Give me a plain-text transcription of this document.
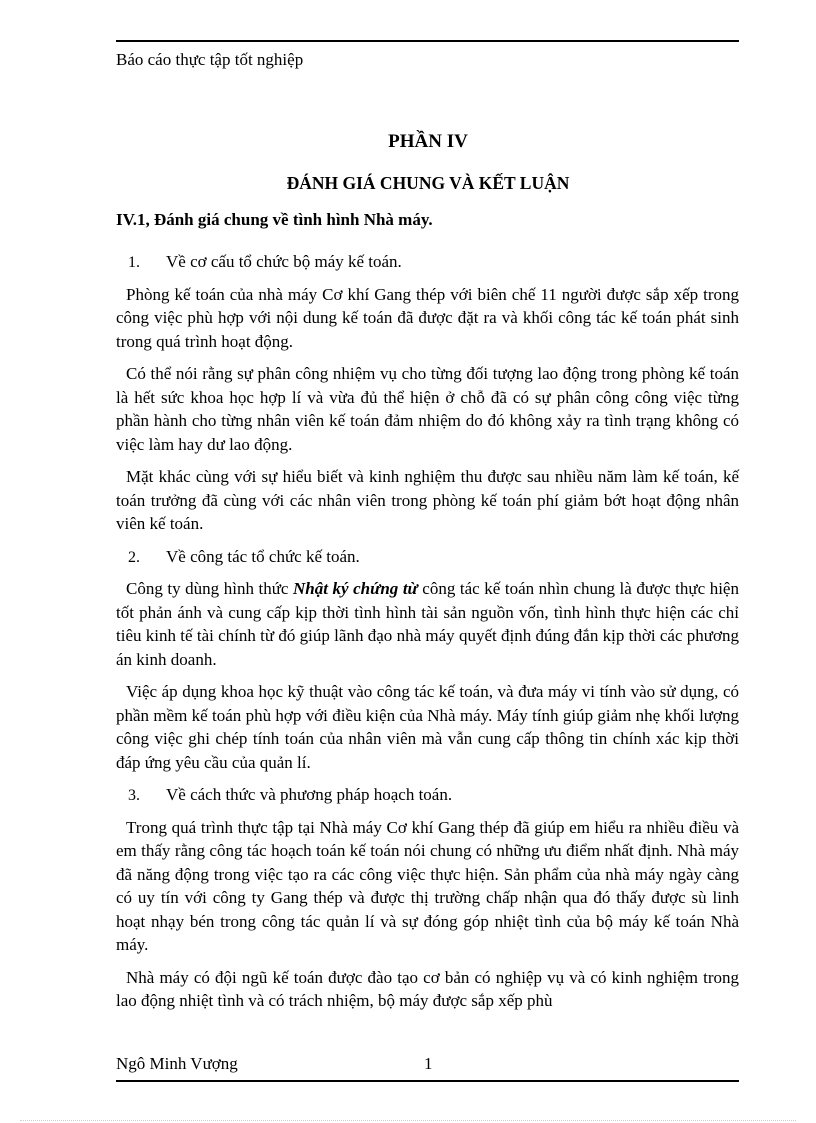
Báo cáo thực tập tốt nghiệp
PHẦN IV
ĐÁNH GIÁ CHUNG VÀ KẾT LUẬN
IV.1, Đánh giá chung về tình hình Nhà máy.
1. Về cơ cấu tổ chức bộ máy kế toán.

Phòng kế toán của nhà máy Cơ khí Gang thép với biên chế 11 người được sắp xếp trong công việc phù hợp với nội dung kế toán đã được đặt ra và khối công tác kế toán phát sinh trong quá trình hoạt động.

Có thể nói rằng sự phân công nhiệm vụ cho từng đối tượng lao động trong phòng kế toán là hết sức khoa học hợp lí và vừa đủ thể hiện ở chỗ đã có sự phân công công việc từng phần hành cho từng nhân viên kế toán đảm nhiệm do đó không xảy ra tình trạng không có việc làm hay dư lao động.

Mặt khác cùng với sự hiểu biết và kinh nghiệm thu được sau nhiều năm làm kế toán, kế toán trưởng đã cùng với các nhân viên trong phòng kế toán phí giảm bớt hoạt động nhân viên kế toán.

2. Về công tác tổ chức kế toán.

Công ty dùng hình thức Nhật ký chứng từ công tác kế toán nhìn chung là được thực hiện tốt phản ánh và cung cấp kịp thời tình hình tài sản nguồn vốn, tình hình thực hiện các chỉ tiêu kinh tế tài chính từ đó giúp lãnh đạo nhà máy quyết định đúng đắn kịp thời các phương án kinh doanh.

Việc áp dụng khoa học kỹ thuật vào công tác kế toán, và đưa máy vi tính vào sử dụng, có phần mềm kế toán phù hợp với điều kiện của Nhà máy. Máy tính giúp giảm nhẹ khối lượng công việc ghi chép tính toán của nhân viên mà vẫn cung cấp thông tin chính xác kịp thời đáp ứng yêu cầu của quản lí.

3. Về cách thức và phương pháp hoạch toán.

Trong quá trình thực tập tại Nhà máy Cơ khí Gang thép đã giúp em hiểu ra nhiều điều và em thấy rằng công tác hoạch toán kế toán nói chung có những ưu điểm nhất định. Nhà máy đã năng động trong việc tạo ra các công việc thực hiện. Sản phẩm của nhà máy ngày càng có uy tín với công ty Gang thép và được thị trường chấp nhận qua đó thấy được sù linh hoạt nhạy bén trong công tác quản lí và sự đóng góp nhiệt tình của bộ máy kế toán Nhà máy.

Nhà máy có đội ngũ kế toán được đào tạo cơ bản có nghiệp vụ và có kinh nghiệm trong lao động nhiệt tình và có trách nhiệm, bộ máy được sắp xếp phù

Ngô Minh Vượng	1
